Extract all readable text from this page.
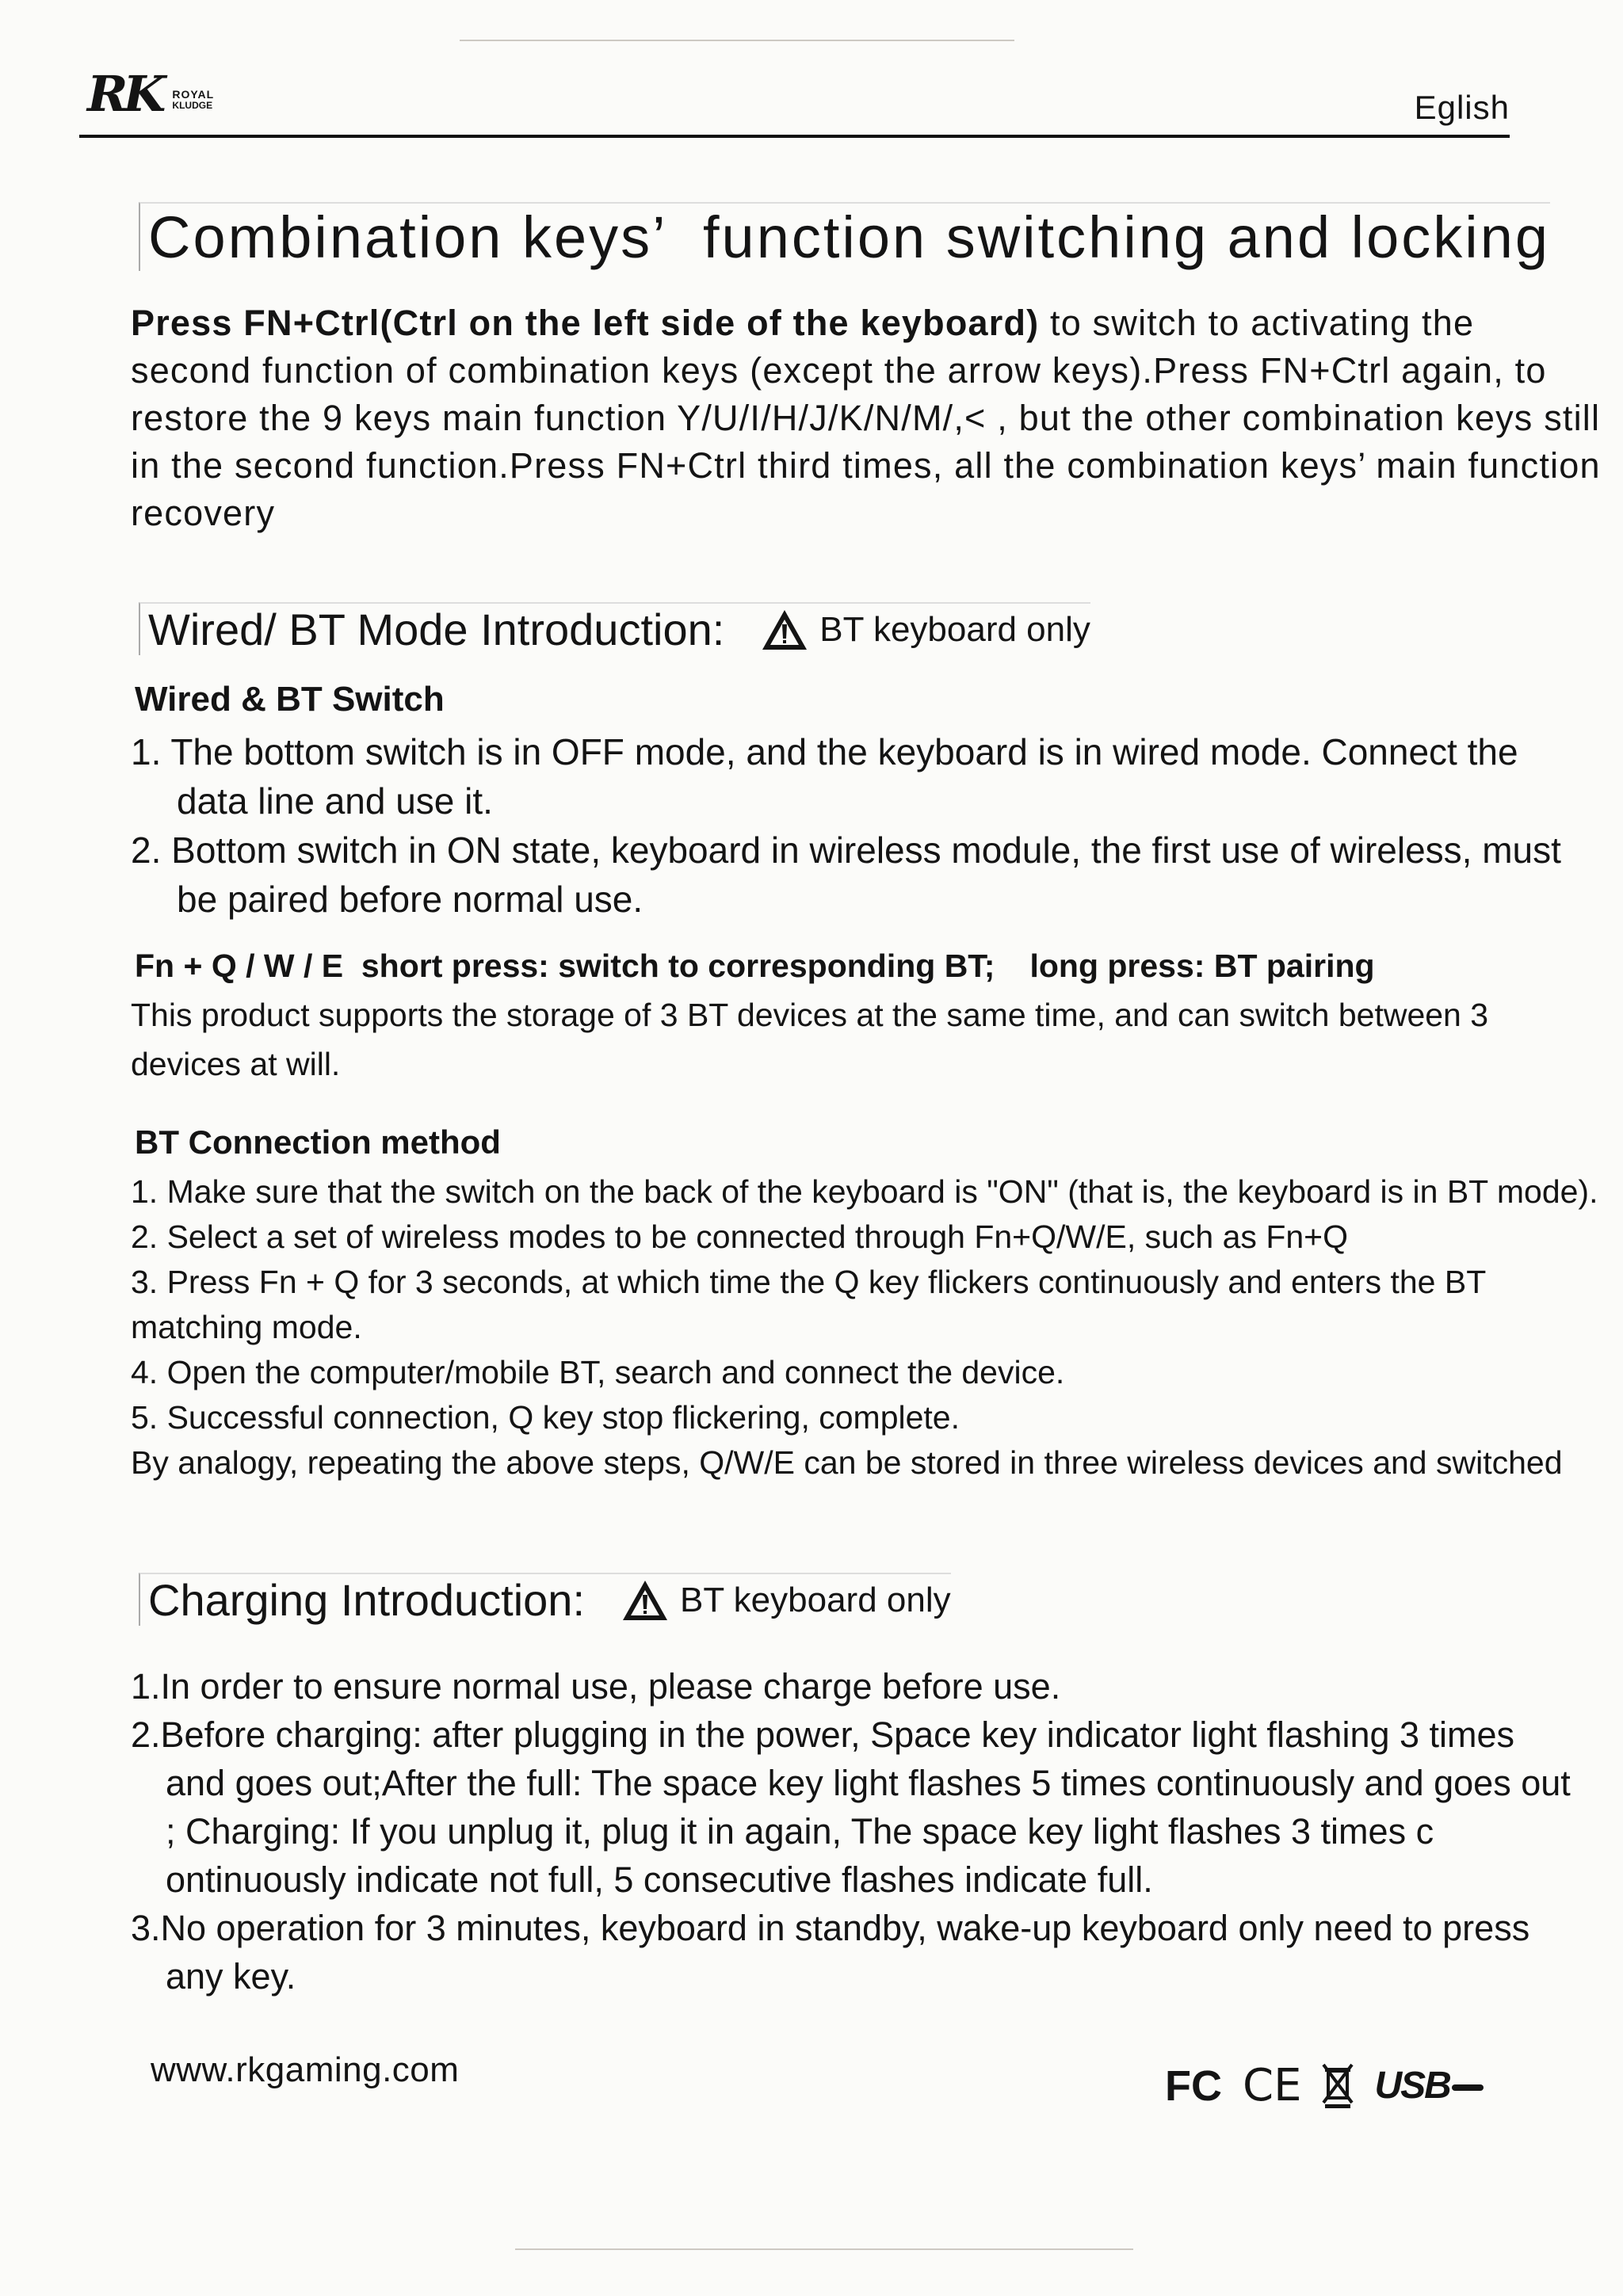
RK ROYAL
KLUDGE	Eglish
Combination keys’  function switching and locking
Press FN+Ctrl(Ctrl on the left side of the keyboard) to switch to activating the second function of combination keys (except the arrow keys).Press FN+Ctrl again, to restore the 9 keys main function Y/U/I/H/J/K/N/M/,< , but the other combination keys still in the second function.Press FN+Ctrl third times, all the combination keys’ main function recovery
Wired/ BT Mode Introduction:	BT keyboard only
Wired & BT Switch
1. The bottom switch is in OFF mode, and the keyboard is in wired mode. Connect the data line and use it.
2. Bottom switch in ON state, keyboard in wireless module, the first use of wireless, must be paired before normal use.
Fn + Q / W / E  short press: switch to corresponding BT; long press: BT pairing
This product supports the storage of 3 BT devices at the same time, and can switch between 3 devices at will.
BT Connection method
1. Make sure that the switch on the back of the keyboard is "ON" (that is, the keyboard is in BT mode).
2. Select a set of wireless modes to be connected through Fn+Q/W/E, such as Fn+Q
3. Press Fn + Q for 3 seconds, at which time the Q key flickers continuously and enters the BT matching mode.
4. Open the computer/mobile BT, search and connect the device.
5. Successful connection, Q key stop flickering, complete.
By analogy, repeating the above steps, Q/W/E can be stored in three wireless devices and switched
Charging Introduction:	BT keyboard only
1.In order to ensure normal use, please charge before use.
2.Before charging: after plugging in the power, Space key indicator light flashing 3 times and goes out;After the full: The space key light flashes 5 times continuously and goes out ; Charging: If you unplug it, plug it in again, The space key light flashes 3 times c ontinuously indicate not full, 5 consecutive flashes indicate full.
3.No operation for 3 minutes, keyboard in standby, wake-up keyboard only need to press any key.
www.rkgaming.com	FC CE USB
